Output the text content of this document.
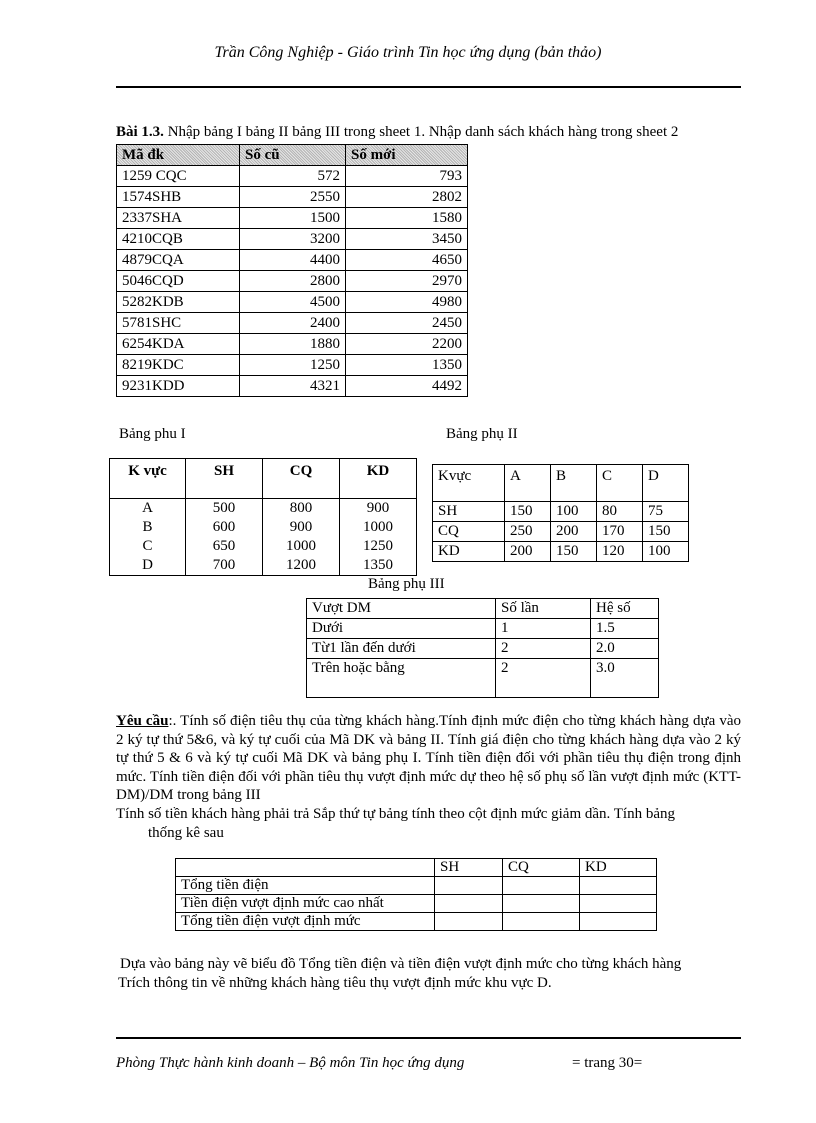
Trần Công Nghiệp - Giáo trình Tin học ứng dụng (bản thảo)
Bài 1.3. Nhập bảng I bảng II bảng III trong sheet 1. Nhập danh sách khách hàng trong sheet 2
Mã đk	Số cũ	Số mới
1259 CQC	572	793
1574SHB	2550	2802
2337SHA	1500	1580
4210CQB	3200	3450
4879CQA	4400	4650
5046CQD	2800	2970
5282KDB	4500	4980
5781SHC	2400	2450
6254KDA	1880	2200
8219KDC	1250	1350
9231KDD	4321	4492
Bảng phu I	Bảng phụ II
K vực	SH	CQ	KD
A	500	800	900
B	600	900	1000
C	650	1000	1250
D	700	1200	1350
Kvực	A	B	C	D
SH	150	100	80	75
CQ	250	200	170	150
KD	200	150	120	100
Bảng phụ III
Vượt DM	Số lần	Hệ số
Dưới	1	1.5
Từ1 lần đến dưới	2	2.0
Trên hoặc bằng	2	3.0
Yêu cầu:. Tính số điện tiêu thụ của từng khách hàng.Tính định mức điện cho từng khách hàng dựa vào 2 ký tự thứ 5&6, và ký tự cuối của Mã DK và bảng II. Tính giá điện cho từng khách hàng dựa vào 2 ký tự thứ 5 & 6 và ký tự cuối Mã DK và bảng phụ I. Tính tiền điện đối với phần tiêu thụ điện trong định mức. Tính tiền điện đối với phần tiêu thụ vượt định mức dự theo hệ số phụ số lần vượt định mức (KTT-DM)/DM trong bảng III
Tính số tiền khách hàng phải trả Sắp thứ tự bảng tính theo cột định mức giảm dần. Tính bảng
thống kê sau
	SH	CQ	KD
Tổng tiền điện			
Tiền điện vượt định mức cao nhất			
Tổng tiền điện vượt định mức			
Dựa vào bảng này vẽ biểu đồ Tổng tiền điện và tiền điện vượt định mức cho từng khách hàng
Trích thông tin về những khách hàng tiêu thụ vượt định mức khu vực D.
Phòng Thực hành kinh doanh – Bộ môn Tin học ứng dụng	= trang 30=
